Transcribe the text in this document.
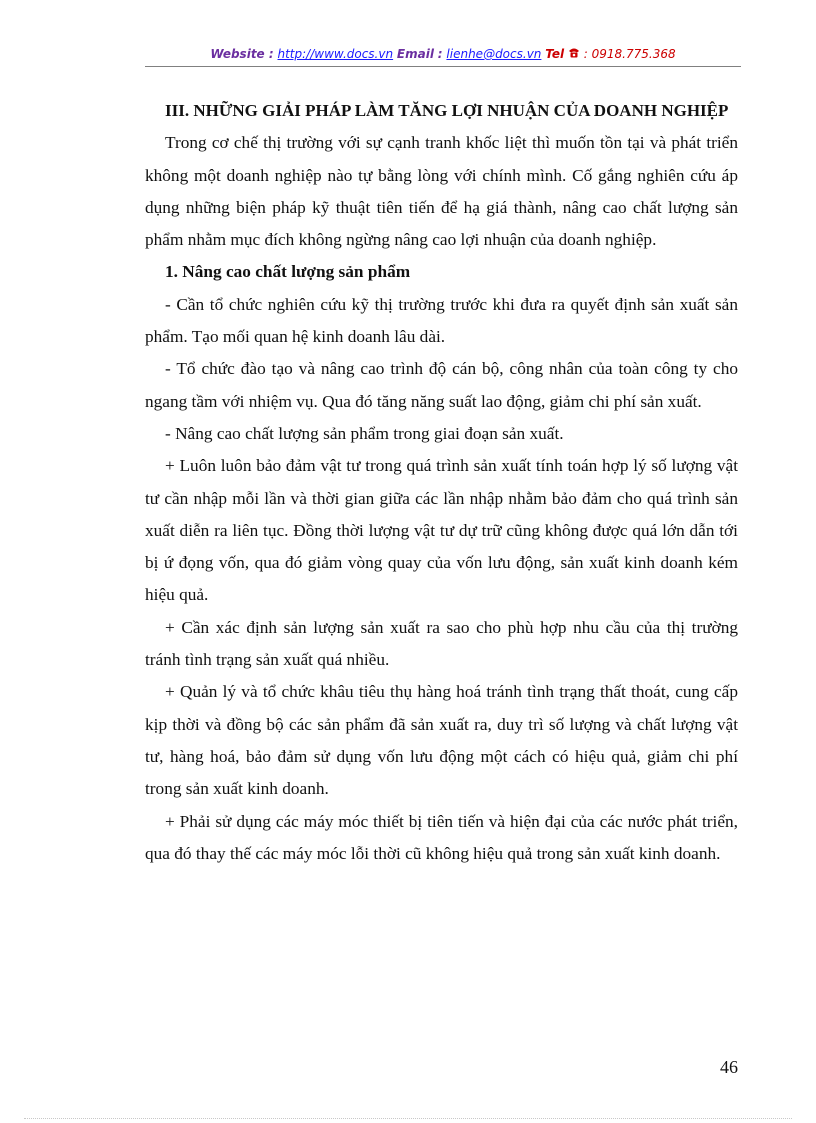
Website : http://www.docs.vn Email : lienhe@docs.vn Tel : 0918.775.368

III. NHỮNG GIẢI PHÁP LÀM TĂNG LỢI NHUẬN CỦA DOANH NGHIỆP

Trong cơ chế thị trường với sự cạnh tranh khốc liệt thì muốn tồn tại và phát triển không một doanh nghiệp nào tự bằng lòng với chính mình. Cố gắng nghiên cứu áp dụng những biện pháp kỹ thuật tiên tiến để hạ giá thành, nâng cao chất lượng sản phẩm nhằm mục đích không ngừng nâng cao lợi nhuận của doanh nghiệp.

1. Nâng cao chất lượng sản phẩm

- Cần tổ chức nghiên cứu kỹ thị trường trước khi đưa ra quyết định sản xuất sản phẩm. Tạo mối quan hệ kinh doanh lâu dài.

- Tổ chức đào tạo và nâng cao trình độ cán bộ, công nhân của toàn công ty cho ngang tầm với nhiệm vụ. Qua đó tăng năng suất lao động, giảm chi phí sản xuất.

- Nâng cao chất lượng sản phẩm trong giai đoạn sản xuất.

+ Luôn luôn bảo đảm vật tư trong quá trình sản xuất tính toán hợp lý số lượng vật tư cần nhập mỗi lần và thời gian giữa các lần nhập nhằm bảo đảm cho quá trình sản xuất diễn ra liên tục. Đồng thời lượng vật tư dự trữ cũng không được quá lớn dẫn tới bị ứ đọng vốn, qua đó giảm vòng quay của vốn lưu động, sản xuất kinh doanh kém hiệu quả.

+ Cần xác định sản lượng sản xuất ra sao cho phù hợp nhu cầu của thị trường tránh tình trạng sản xuất quá nhiều.

+ Quản lý và tổ chức khâu tiêu thụ hàng hoá tránh tình trạng thất thoát, cung cấp kịp thời và đồng bộ các sản phẩm đã sản xuất ra, duy trì số lượng và chất lượng vật tư, hàng hoá, bảo đảm sử dụng vốn lưu động một cách có hiệu quả, giảm chi phí trong sản xuất kinh doanh.

+ Phải sử dụng các máy móc thiết bị tiên tiến và hiện đại của các nước phát triển, qua đó thay thế các máy móc lỗi thời cũ không hiệu quả trong sản xuất kinh doanh.

46
